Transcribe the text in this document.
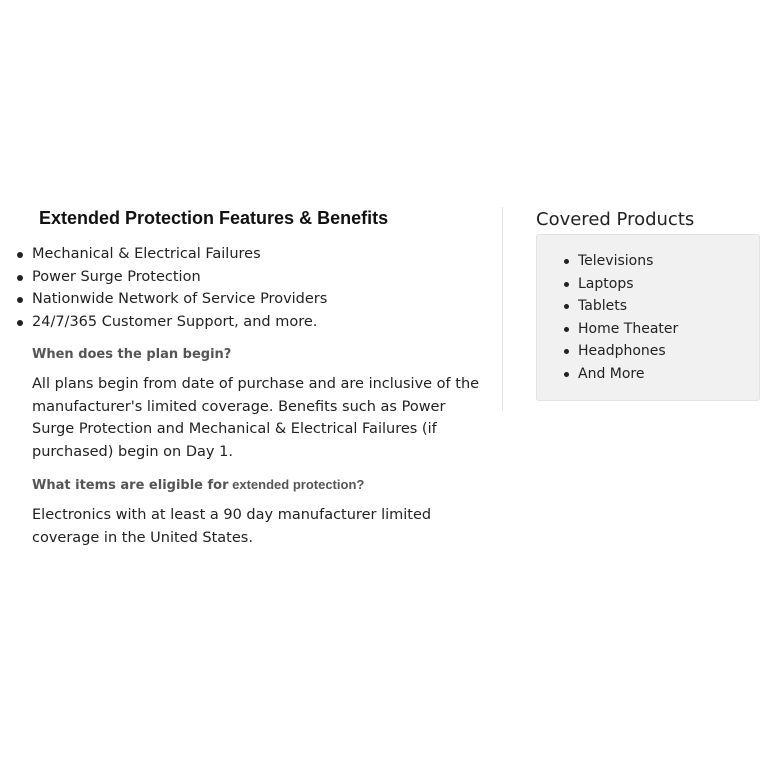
Extended Protection Features & Benefits
Mechanical & Electrical Failures
Power Surge Protection
Nationwide Network of Service Providers
24/7/365 Customer Support, and more.
When does the plan begin?

All plans begin from date of purchase and are inclusive of the manufacturer's limited coverage. Benefits such as Power Surge Protection and Mechanical & Electrical Failures (if purchased) begin on Day 1.

What items are eligible for extended protection?

Electronics with at least a 90 day manufacturer limited coverage in the United States.

Covered Products
Televisions
Laptops
Tablets
Home Theater
Headphones
And More
